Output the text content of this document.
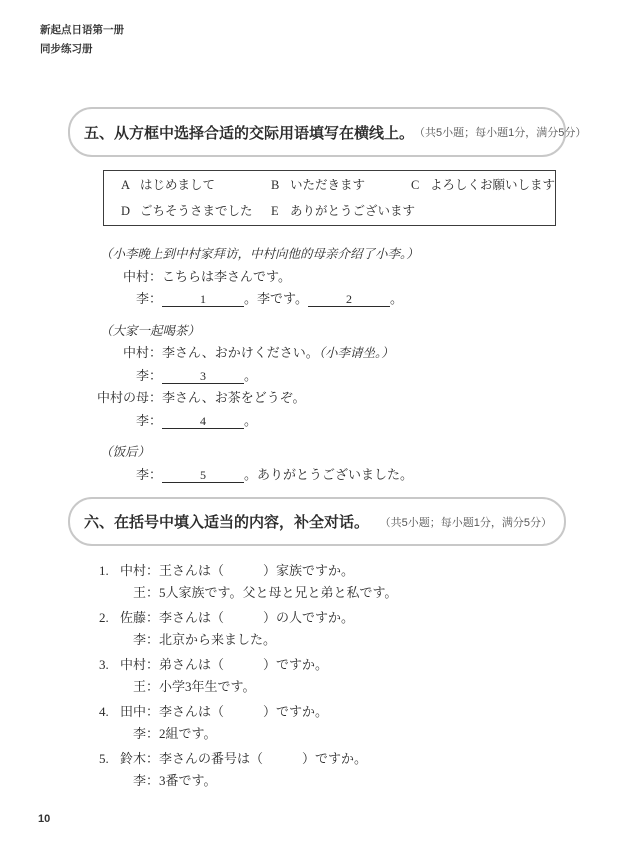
新起点日语第一册
同步练习册
五、从方框中选择合适的交际用语填写在横线上。 （共5小题；每小题1分，满分5分）
A はじめまして	B いただきます	C よろしくお願いします
D ごちそうさまでした	E ありがとうございます
（小李晚上到中村家拜访，中村向他的母亲介绍了小李。）
中村：こちらは李さんです。
李：	1	。李です。	2	。
（大家一起喝茶）
中村：李さん、おかけください。（小李请坐。）
李：	3	。
中村の母：李さん、お茶をどうぞ。
李：	4	。
（饭后）
李：	5	。ありがとうございました。
六、在括号中填入适当的内容，补全对话。 （共5小题；每小题1分，满分5分）
1. 中村：王さんは（　　　）家族ですか。
王：5人家族です。父と母と兄と弟と私です。
2. 佐藤：李さんは（　　　）の人ですか。
李：北京から来ました。
3. 中村：弟さんは（　　　）ですか。
王：小学3年生です。
4. 田中：李さんは（　　　）ですか。
李：2組です。
5. 鈴木：李さんの番号は（　　　）ですか。
李：3番です。
10
